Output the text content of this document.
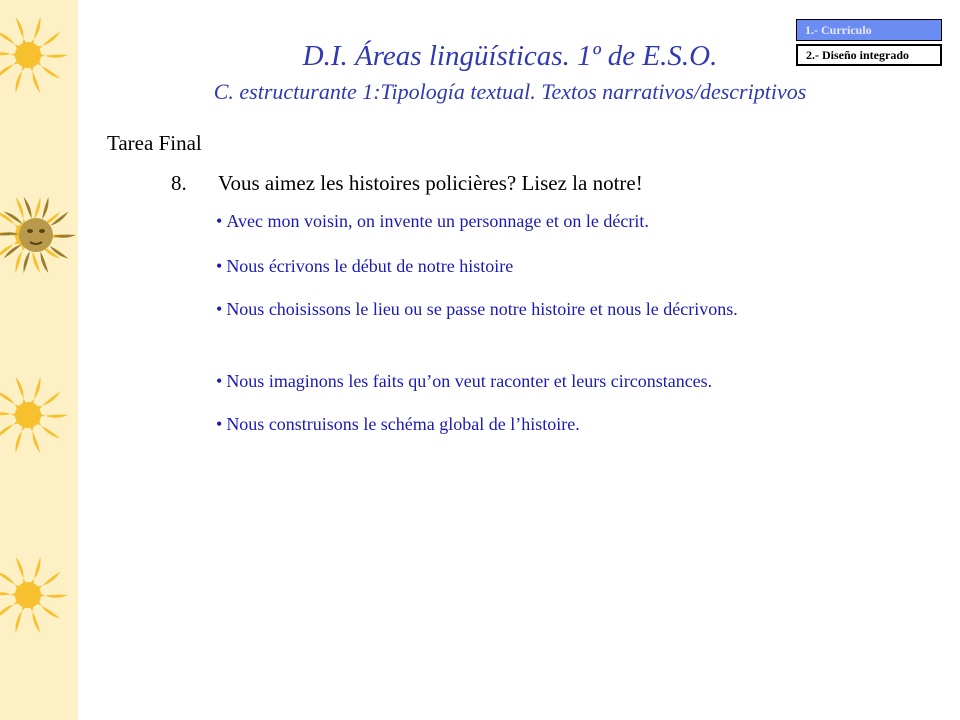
1.- Currículo
2.- Diseño integrado
D.I. Áreas lingüísticas. 1º de E.S.O.
C. estructurante 1:Tipología textual. Textos narrativos/descriptivos
Tarea Final
8. Vous aimez les histoires policières? Lisez la notre!
• Avec mon voisin, on invente un personnage et on le décrit.
• Nous écrivons le début de notre histoire
• Nous choisissons le lieu ou se passe notre histoire et nous le décrivons.
• Nous imaginons les faits qu’on veut raconter et leurs circonstances.
• Nous construisons le schéma global de l’histoire.
